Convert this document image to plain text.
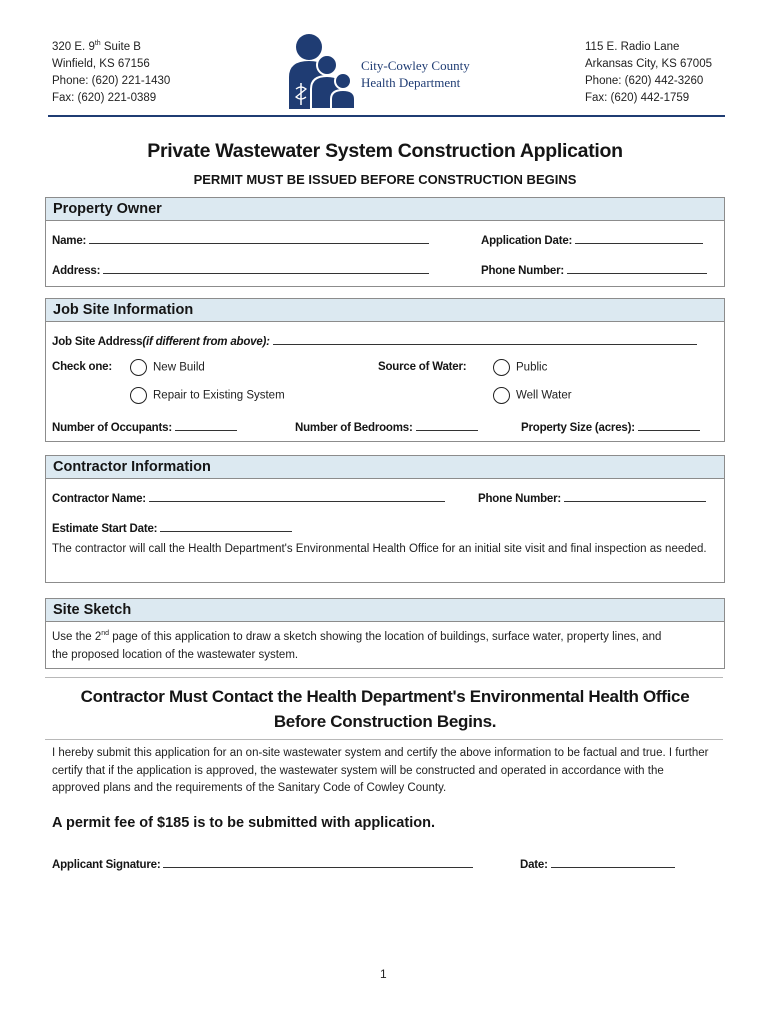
320 E. 9th Suite B
Winfield, KS 67156
Phone: (620) 221-1430
Fax: (620) 221-0389
City-Cowley County
Health Department
115 E. Radio Lane
Arkansas City, KS 67005
Phone: (620) 442-3260
Fax: (620) 442-1759
Private Wastewater System Construction Application
PERMIT MUST BE ISSUED BEFORE CONSTRUCTION BEGINS
Property Owner
Name:	Application Date:
Address:	Phone Number:
Job Site Information
Job Site Address(if different from above):
Check one:	New Build
Repair to Existing System
Source of Water:	Public
Well Water
Number of Occupants:	Number of Bedrooms:	Property Size (acres):
Contractor Information
Contractor Name:	Phone Number:
Estimate Start Date:
The contractor will call the Health Department's Environmental Health Office for an initial site visit and final inspection as needed.
Site Sketch
Use the 2nd page of this application to draw a sketch showing the location of buildings, surface water, property lines, and the proposed location of the wastewater system.
Contractor Must Contact the Health Department's Environmental Health Office
Before Construction Begins.
I hereby submit this application for an on-site wastewater system and certify the above information to be factual and true. I further certify that if the application is approved, the wastewater system will be constructed and operated in accordance with the approved plans and the requirements of the Sanitary Code of Cowley County.
A permit fee of $185 is to be submitted with application.
Applicant Signature:	Date:
1
